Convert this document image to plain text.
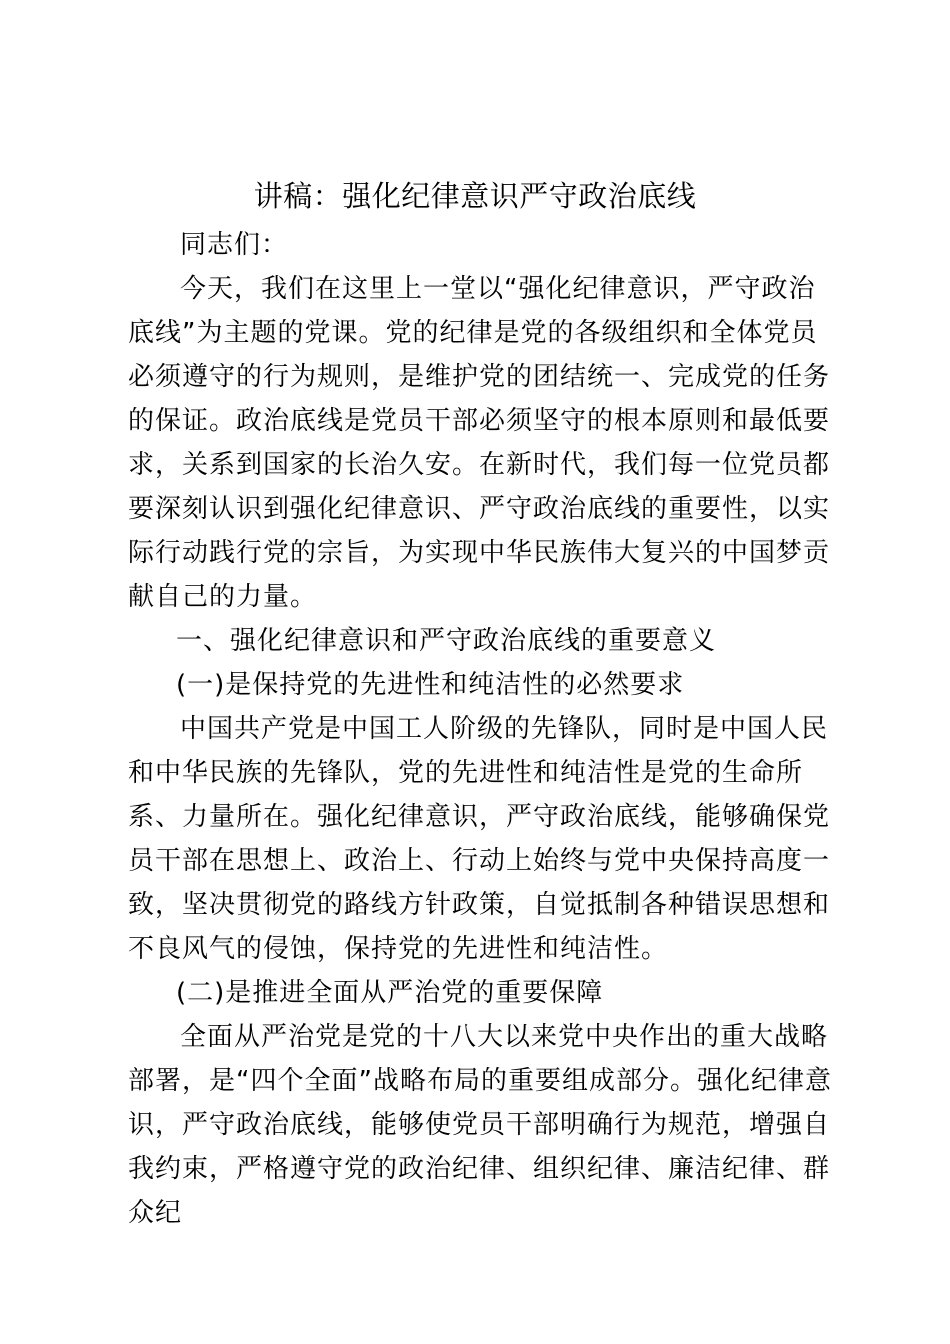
讲稿：强化纪律意识严守政治底线

同志们：

今天，我们在这里上一堂以“强化纪律意识，严守政治底线”为主题的党课。党的纪律是党的各级组织和全体党员必须遵守的行为规则，是维护党的团结统一、完成党的任务的保证。政治底线是党员干部必须坚守的根本原则和最低要求，关系到国家的长治久安。在新时代，我们每一位党员都要深刻认识到强化纪律意识、严守政治底线的重要性，以实际行动践行党的宗旨，为实现中华民族伟大复兴的中国梦贡献自己的力量。

一、强化纪律意识和严守政治底线的重要意义

(一)是保持党的先进性和纯洁性的必然要求

中国共产党是中国工人阶级的先锋队，同时是中国人民和中华民族的先锋队，党的先进性和纯洁性是党的生命所系、力量所在。强化纪律意识，严守政治底线，能够确保党员干部在思想上、政治上、行动上始终与党中央保持高度一致，坚决贯彻党的路线方针政策，自觉抵制各种错误思想和不良风气的侵蚀，保持党的先进性和纯洁性。

(二)是推进全面从严治党的重要保障

全面从严治党是党的十八大以来党中央作出的重大战略部署，是“四个全面”战略布局的重要组成部分。强化纪律意识，严守政治底线，能够使党员干部明确行为规范，增强自我约束，严格遵守党的政治纪律、组织纪律、廉洁纪律、群众纪
